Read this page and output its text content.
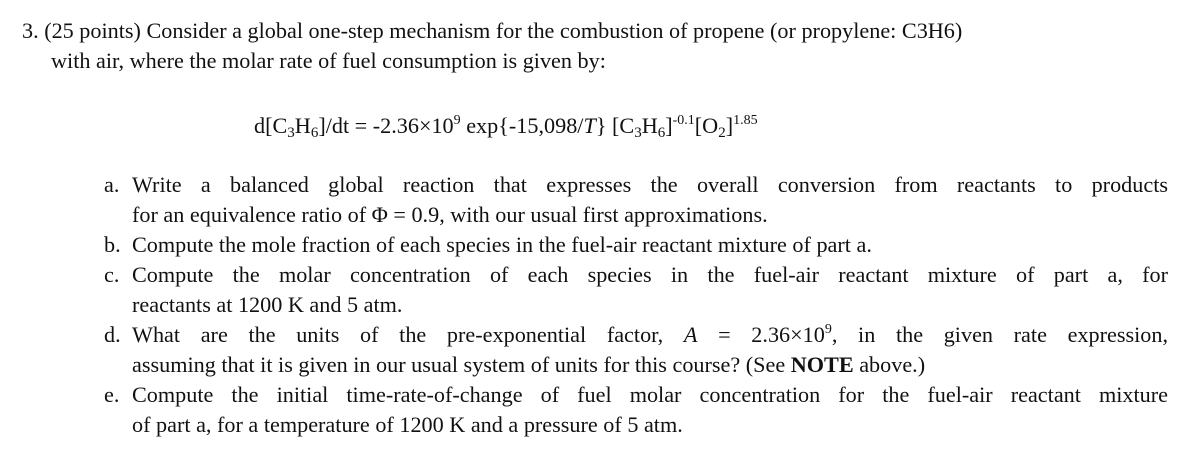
3. (25 points) Consider a global one-step mechanism for the combustion of propene (or propylene: C3H6)
with air, where the molar rate of fuel consumption is given by:
$d[C_3H_6]/dt = -2.36\times 10^9$ exp{-15,098/T} $[C_3H_6]^{-0.1}[O_2]^{1.85}$
a. Write a balanced global reaction that expresses the overall conversion from reactants to products
for an equivalence ratio of Φ = 0.9, with our usual first approximations.
b. Compute the mole fraction of each species in the fuel-air reactant mixture of part a.
c. Compute the molar concentration of each species in the fuel-air reactant mixture of part a, for
reactants at 1200 K and 5 atm.
d. What are the units of the pre-exponential factor, $A = 2.36\times 10^9$, in the given rate expression,
assuming that it is given in our usual system of units for this course? (See NOTE above.)
e. Compute the initial time-rate-of-change of fuel molar concentration for the fuel-air reactant mixture
of part a, for a temperature of 1200 K and a pressure of 5 atm.
